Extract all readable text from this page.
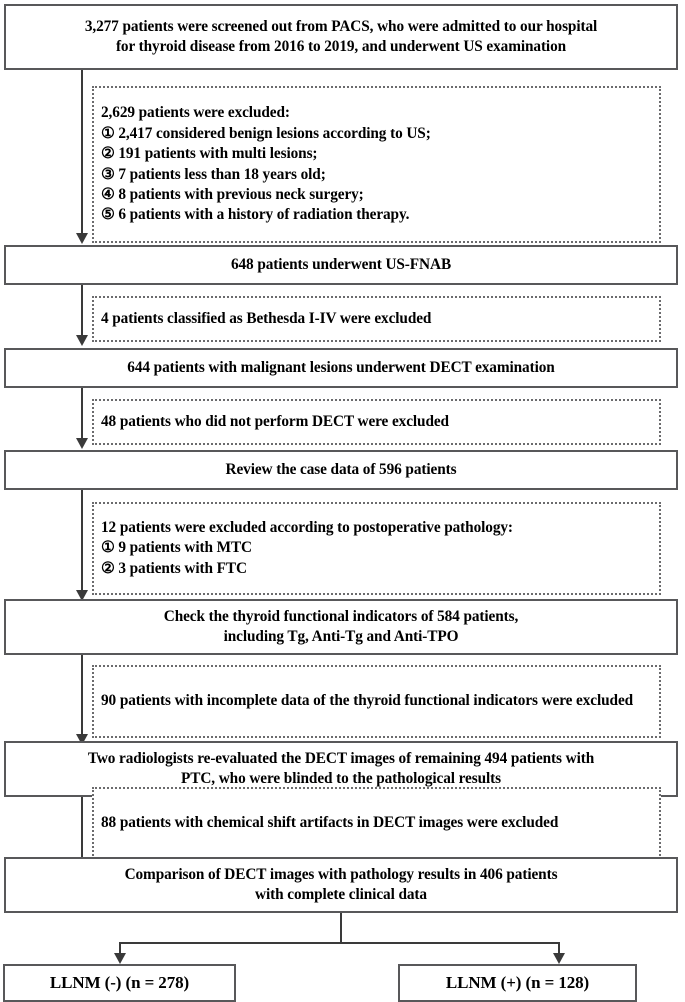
3,277 patients were screened out from PACS, who were admitted to our hospital
for thyroid disease from 2016 to 2019, and underwent US examination
2,629 patients were excluded:
① 2,417 considered benign lesions according to US;
② 191 patients with multi lesions;
③ 7 patients less than 18 years old;
④ 8 patients with previous neck surgery;
⑤ 6 patients with a history of radiation therapy.
648 patients underwent US-FNAB
4 patients classified as Bethesda I-IV were excluded
644 patients with malignant lesions underwent DECT examination
48 patients who did not perform DECT were excluded
Review the case data of 596 patients
12 patients were excluded according to postoperative pathology:
① 9 patients with MTC
② 3 patients with FTC
Check the thyroid functional indicators of 584 patients,
including Tg, Anti-Tg and Anti-TPO
90 patients with incomplete data of the thyroid functional indicators were excluded
Two radiologists re-evaluated the DECT images of remaining 494 patients with
PTC, who were blinded to the pathological results
88 patients with chemical shift artifacts in DECT images were excluded
Comparison of DECT images with pathology results in 406 patients
with complete clinical data
LLNM (-) (n = 278)	LLNM (+) (n = 128)
